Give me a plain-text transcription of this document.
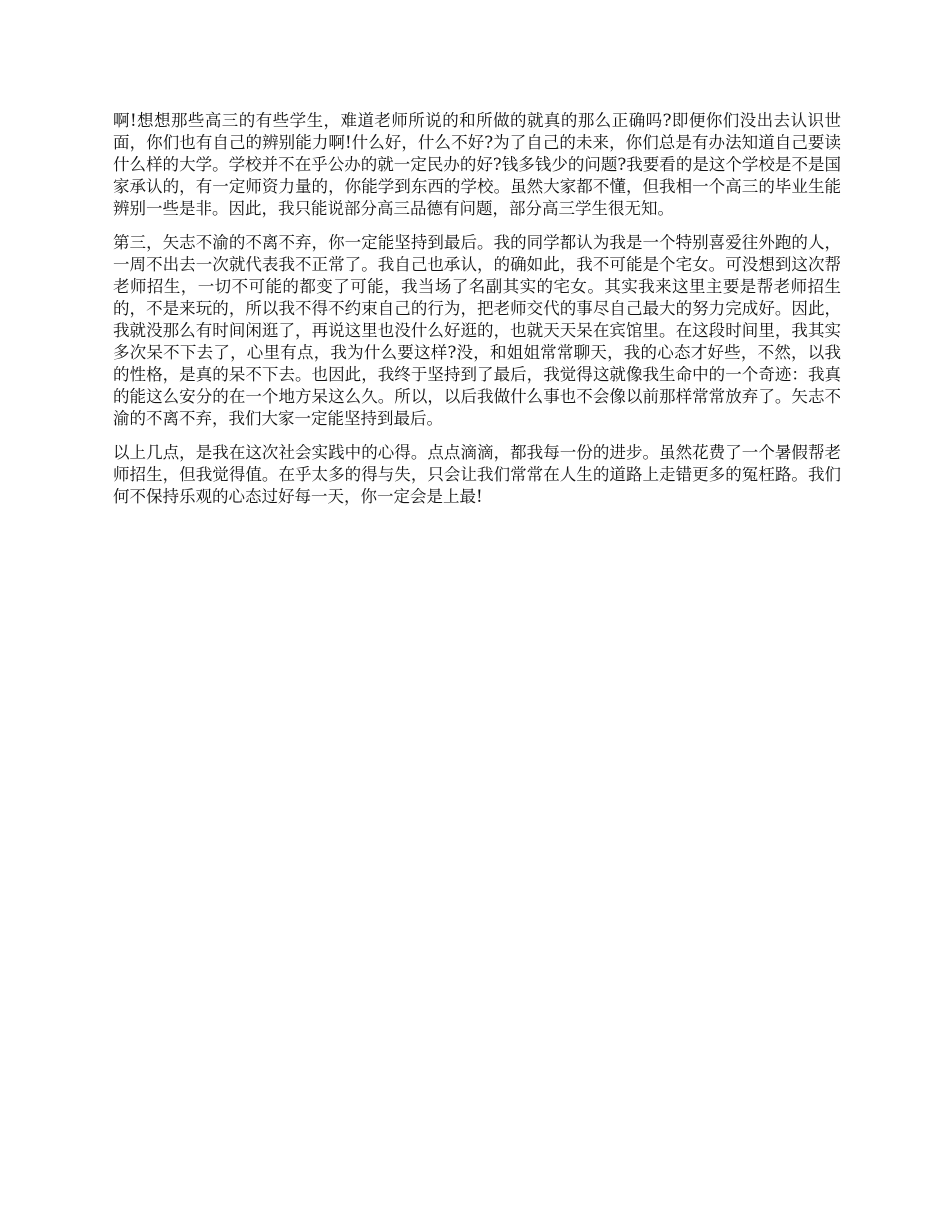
啊!想想那些高三的有些学生，难道老师所说的和所做的就真的那么正确吗?即便你们没出去认识世面，你们也有自己的辨别能力啊!什么好，什么不好?为了自己的未来，你们总是有办法知道自己要读什么样的大学。学校并不在乎公办的就一定民办的好?钱多钱少的问题?我要看的是这个学校是不是国家承认的，有一定师资力量的，你能学到东西的学校。虽然大家都不懂，但我相一个高三的毕业生能辨别一些是非。因此，我只能说部分高三品德有问题，部分高三学生很无知。

第三，矢志不渝的不离不弃，你一定能坚持到最后。我的同学都认为我是一个特别喜爱往外跑的人，一周不出去一次就代表我不正常了。我自己也承认，的确如此，我不可能是个宅女。可没想到这次帮老师招生，一切不可能的都变了可能，我当场了名副其实的宅女。其实我来这里主要是帮老师招生的，不是来玩的，所以我不得不约束自己的行为，把老师交代的事尽自己最大的努力完成好。因此，我就没那么有时间闲逛了，再说这里也没什么好逛的，也就天天呆在宾馆里。在这段时间里，我其实多次呆不下去了，心里有点，我为什么要这样?没，和姐姐常常聊天，我的心态才好些，不然，以我的性格，是真的呆不下去。也因此，我终于坚持到了最后，我觉得这就像我生命中的一个奇迹：我真的能这么安分的在一个地方呆这么久。所以，以后我做什么事也不会像以前那样常常放弃了。矢志不渝的不离不弃，我们大家一定能坚持到最后。

以上几点，是我在这次社会实践中的心得。点点滴滴，都我每一份的进步。虽然花费了一个暑假帮老师招生，但我觉得值。在乎太多的得与失，只会让我们常常在人生的道路上走错更多的冤枉路。我们何不保持乐观的心态过好每一天，你一定会是上最!
